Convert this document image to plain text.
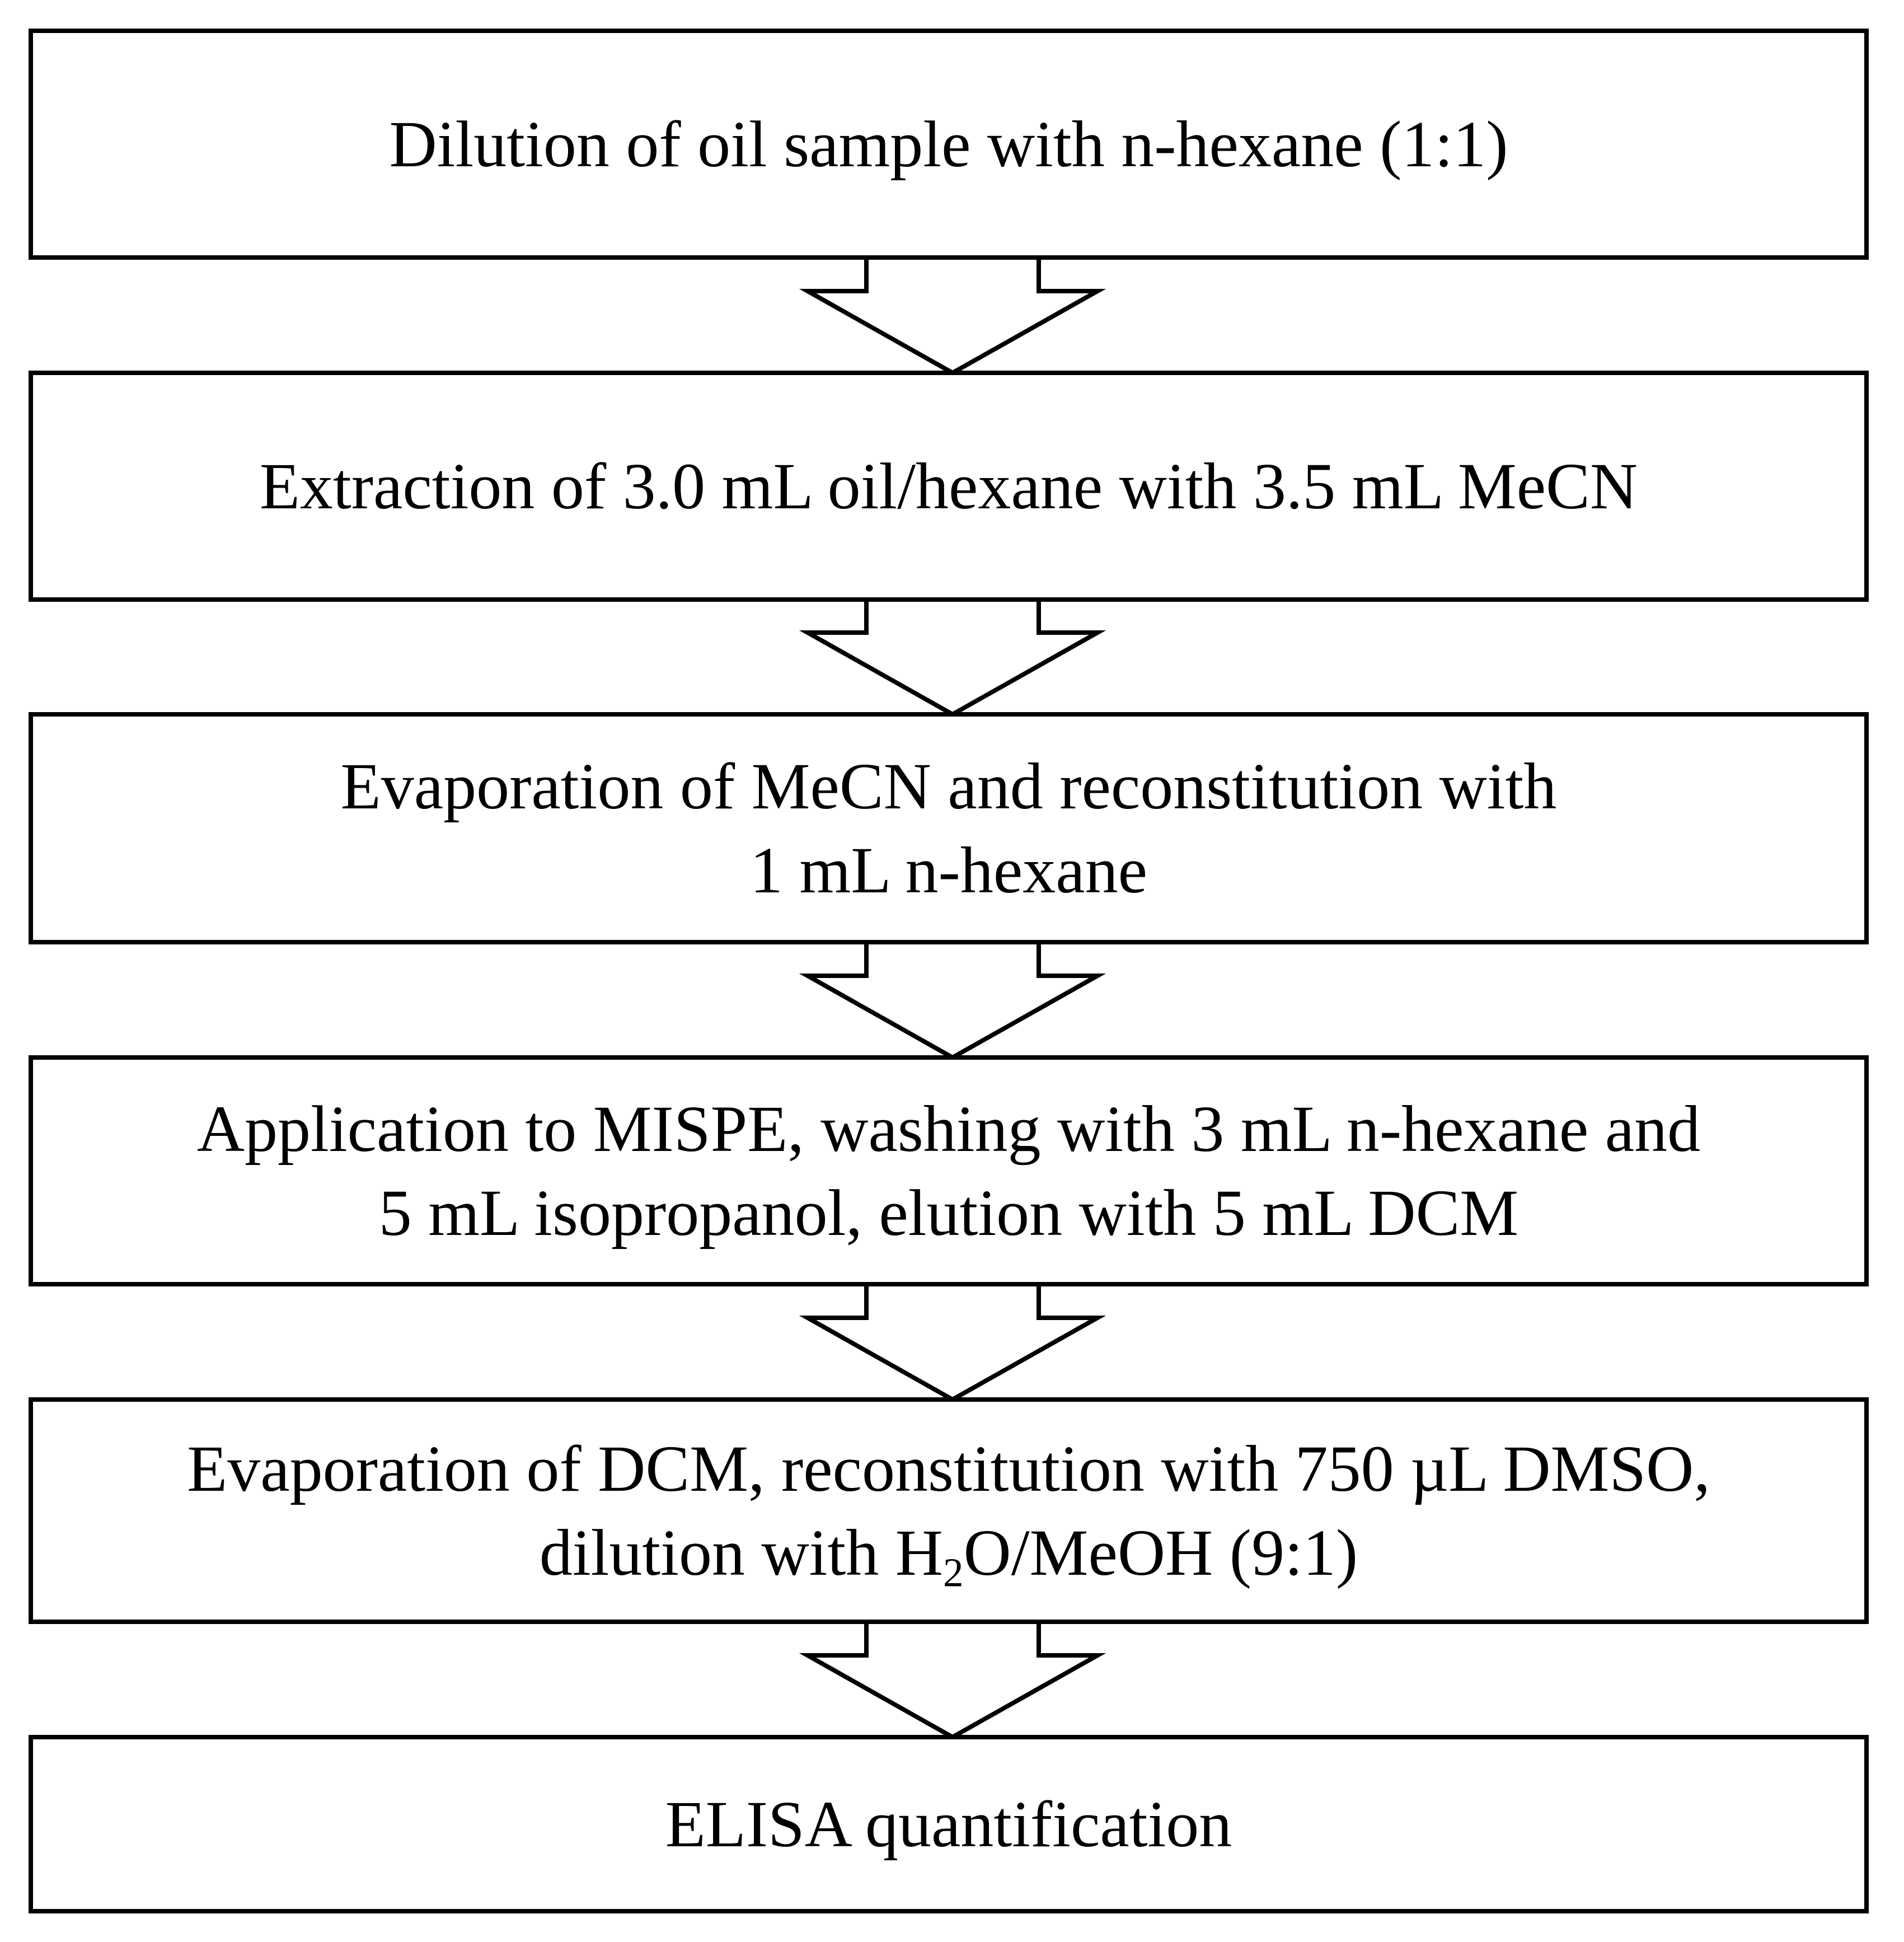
Dilution of oil sample with n-hexane (1:1)
Extraction of 3.0 mL oil/hexane with 3.5 mL MeCN
Evaporation of MeCN and reconstitution with
1 mL n-hexane
Application to MISPE, washing with 3 mL n-hexane and
5 mL isopropanol, elution with 5 mL DCM
Evaporation of DCM, reconstitution with 750 µL DMSO,
dilution with $H_2O$/MeOH (9:1)
ELISA quantification
